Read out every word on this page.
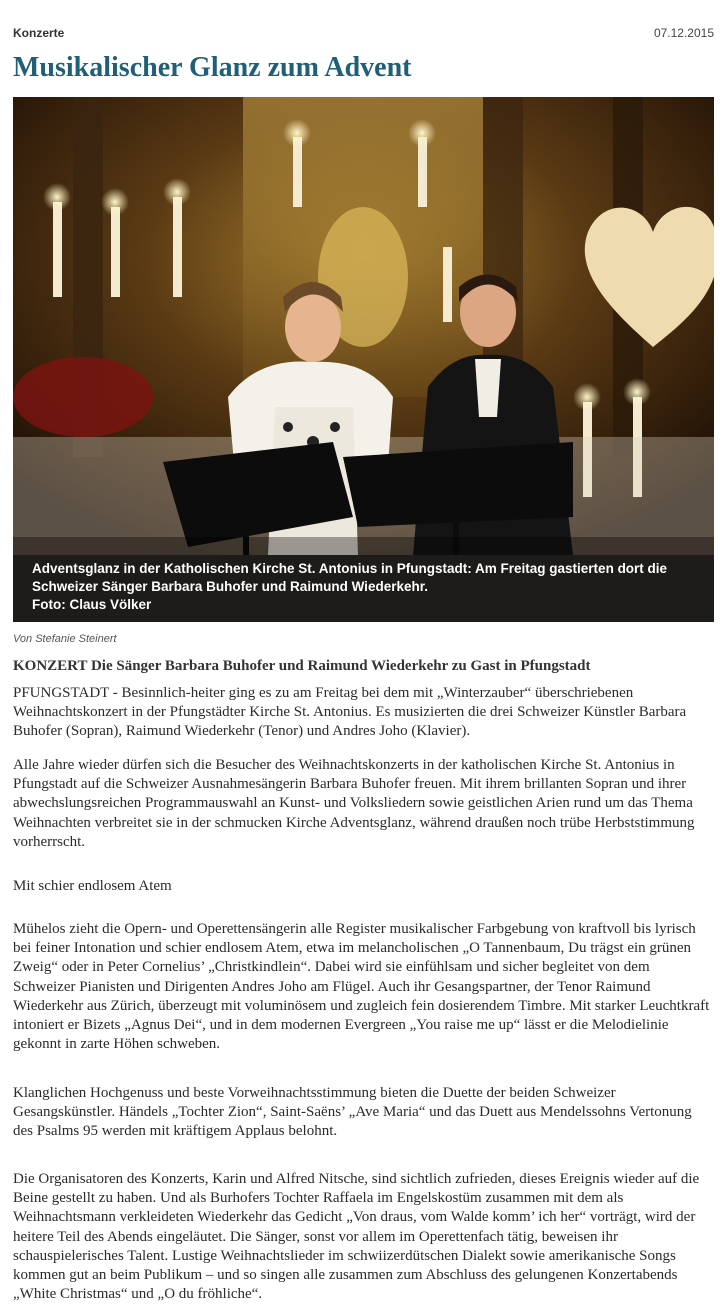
Konzerte	07.12.2015
Musikalischer Glanz zum Advent
Adventsglanz in der Katholischen Kirche St. Antonius in Pfungstadt: Am Freitag gastierten dort die Schweizer Sänger Barbara Buhofer und Raimund Wiederkehr.
Foto: Claus Völker
Von Stefanie Steinert
KONZERT Die Sänger Barbara Buhofer und Raimund Wiederkehr zu Gast in Pfungstadt

PFUNGSTADT - Besinnlich-heiter ging es zu am Freitag bei dem mit „Winterzauber“ überschriebenen Weihnachtskonzert in der Pfungstädter Kirche St. Antonius. Es musizierten die drei Schweizer Künstler Barbara Buhofer (Sopran), Raimund Wiederkehr (Tenor) und Andres Joho (Klavier).

Alle Jahre wieder dürfen sich die Besucher des Weihnachtskonzerts in der katholischen Kirche St. Antonius in Pfungstadt auf die Schweizer Ausnahmesängerin Barbara Buhofer freuen. Mit ihrem brillanten Sopran und ihrer abwechslungsreichen Programmauswahl an Kunst- und Volksliedern sowie geistlichen Arien rund um das Thema Weihnachten verbreitet sie in der schmucken Kirche Adventsglanz, während draußen noch trübe Herbststimmung vorherrscht.

Mit schier endlosem Atem

Mühelos zieht die Opern- und Operettensängerin alle Register musikalischer Farbgebung von kraftvoll bis lyrisch bei feiner Intonation und schier endlosem Atem, etwa im melancholischen „O Tannenbaum, Du trägst ein grünen Zweig“ oder in Peter Cornelius’ „Christkindlein“. Dabei wird sie einfühlsam und sicher begleitet von dem Schweizer Pianisten und Dirigenten Andres Joho am Flügel. Auch ihr Gesangspartner, der Tenor Raimund Wiederkehr aus Zürich, überzeugt mit voluminösem und zugleich fein dosierendem Timbre. Mit starker Leuchtkraft intoniert er Bizets „Agnus Dei“, und in dem modernen Evergreen „You raise me up“ lässt er die Melodielinie gekonnt in zarte Höhen schweben.

Klanglichen Hochgenuss und beste Vorweihnachtsstimmung bieten die Duette der beiden Schweizer Gesangskünstler. Händels „Tochter Zion“, Saint-Saëns’ „Ave Maria“ und das Duett aus Mendelssohns Vertonung des Psalms 95 werden mit kräftigem Applaus belohnt.

Die Organisatoren des Konzerts, Karin und Alfred Nitsche, sind sichtlich zufrieden, dieses Ereignis wieder auf die Beine gestellt zu haben. Und als Burhofers Tochter Raffaela im Engelskostüm zusammen mit dem als Weihnachtsmann verkleideten Wiederkehr das Gedicht „Von draus, vom Walde komm’ ich her“ vorträgt, wird der heitere Teil des Abends eingeläutet. Die Sänger, sonst vor allem im Operettenfach tätig, beweisen ihr schauspielerisches Talent. Lustige Weihnachtslieder im schwiizerdütschen Dialekt sowie amerikanische Songs kommen gut an beim Publikum – und so singen alle zusammen zum Abschluss des gelungenen Konzertabends „White Christmas“ und „O du fröhliche“.
